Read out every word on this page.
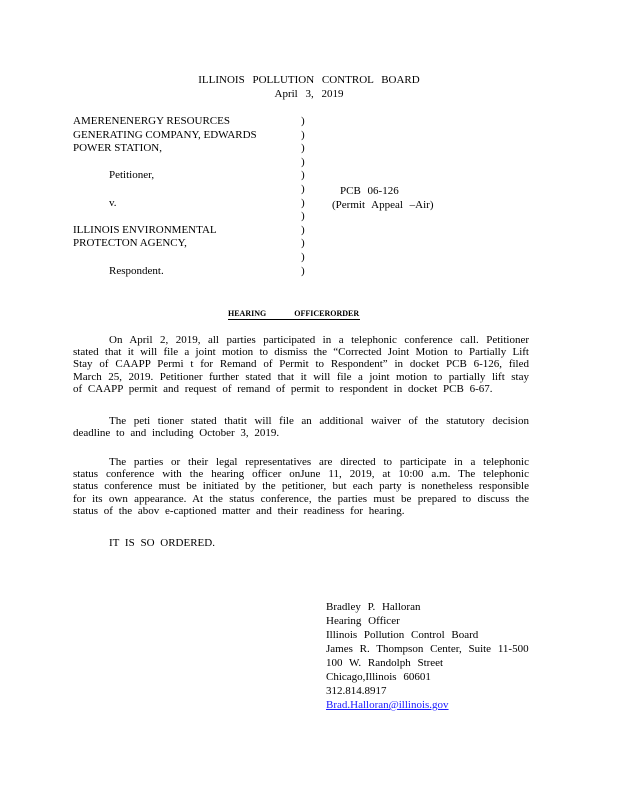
ILLINOIS POLLUTION CONTROL BOARD
April 3, 2019
AMERENENERGY RESOURCES
GENERATING COMPANY, EDWARDS
POWER STATION,
Petitioner,
v.
ILLINOIS ENVIRONMENTAL
PROTECTON AGENCY,
Respondent.
)
)
)
)
)
)
)
)
)
)
)
)
PCB 06-126
(Permit Appeal –Air)
HEARING	OFFICERORDER
On April 2, 2019, all parties participated in a telephonic conference call. Petitioner stated that it will file a joint motion to dismiss the “Corrected Joint Motion to Partially Lift Stay of CAAPP Permi t for Remand of Permit to Respondent” in docket PCB 6-126, filed March 25, 2019. Petitioner further stated that it will file a joint motion to partially lift stay of CAAPP permit and request of remand of permit to respondent in docket PCB 6-67.
The peti tioner stated thatit will file an additional waiver of the statutory decision deadline to and including October 3, 2019.
The parties or their legal representatives are directed to participate in a telephonic status conference with the hearing officer onJune 11, 2019, at 10:00 a.m. The telephonic status conference must be initiated by the petitioner, but each party is nonetheless responsible for its own appearance. At the status conference, the parties must be prepared to discuss the status of the abov e-captioned matter and their readiness for hearing.
IT IS SO ORDERED.
Bradley P. Halloran
Hearing Officer
Illinois Pollution Control Board
James R. Thompson Center, Suite 11-500
100 W. Randolph Street
Chicago,Illinois 60601
312.814.8917
Brad.Halloran@illinois.gov
